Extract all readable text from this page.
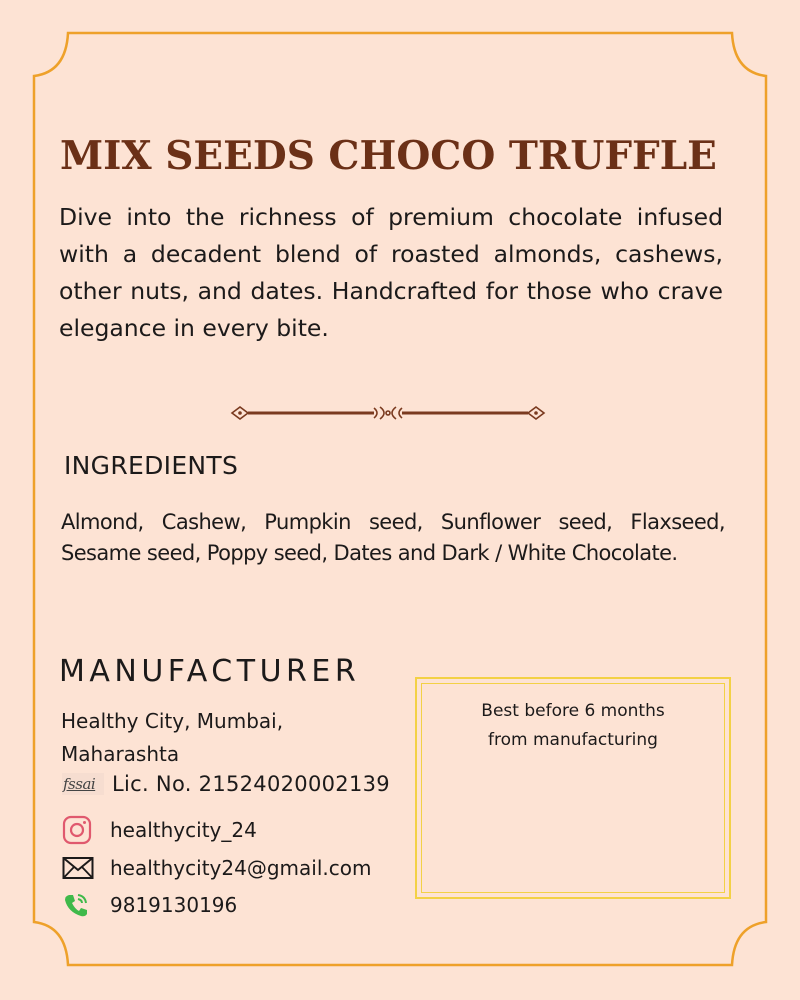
MIX SEEDS CHOCO TRUFFLE

Dive into the richness of premium chocolate infused with a decadent blend of roasted almonds, cashews, other nuts, and dates. Handcrafted for those who crave elegance in every bite.

INGREDIENTS

Almond, Cashew, Pumpkin seed, Sunflower seed, Flaxseed, Sesame seed, Poppy seed, Dates and Dark / White Chocolate.

MANUFACTURER
Healthy City, Mumbai,
Maharashta
fssai Lic. No. 21524020002139
healthycity_24
healthycity24@gmail.com
9819130196
Best before 6 months
from manufacturing
